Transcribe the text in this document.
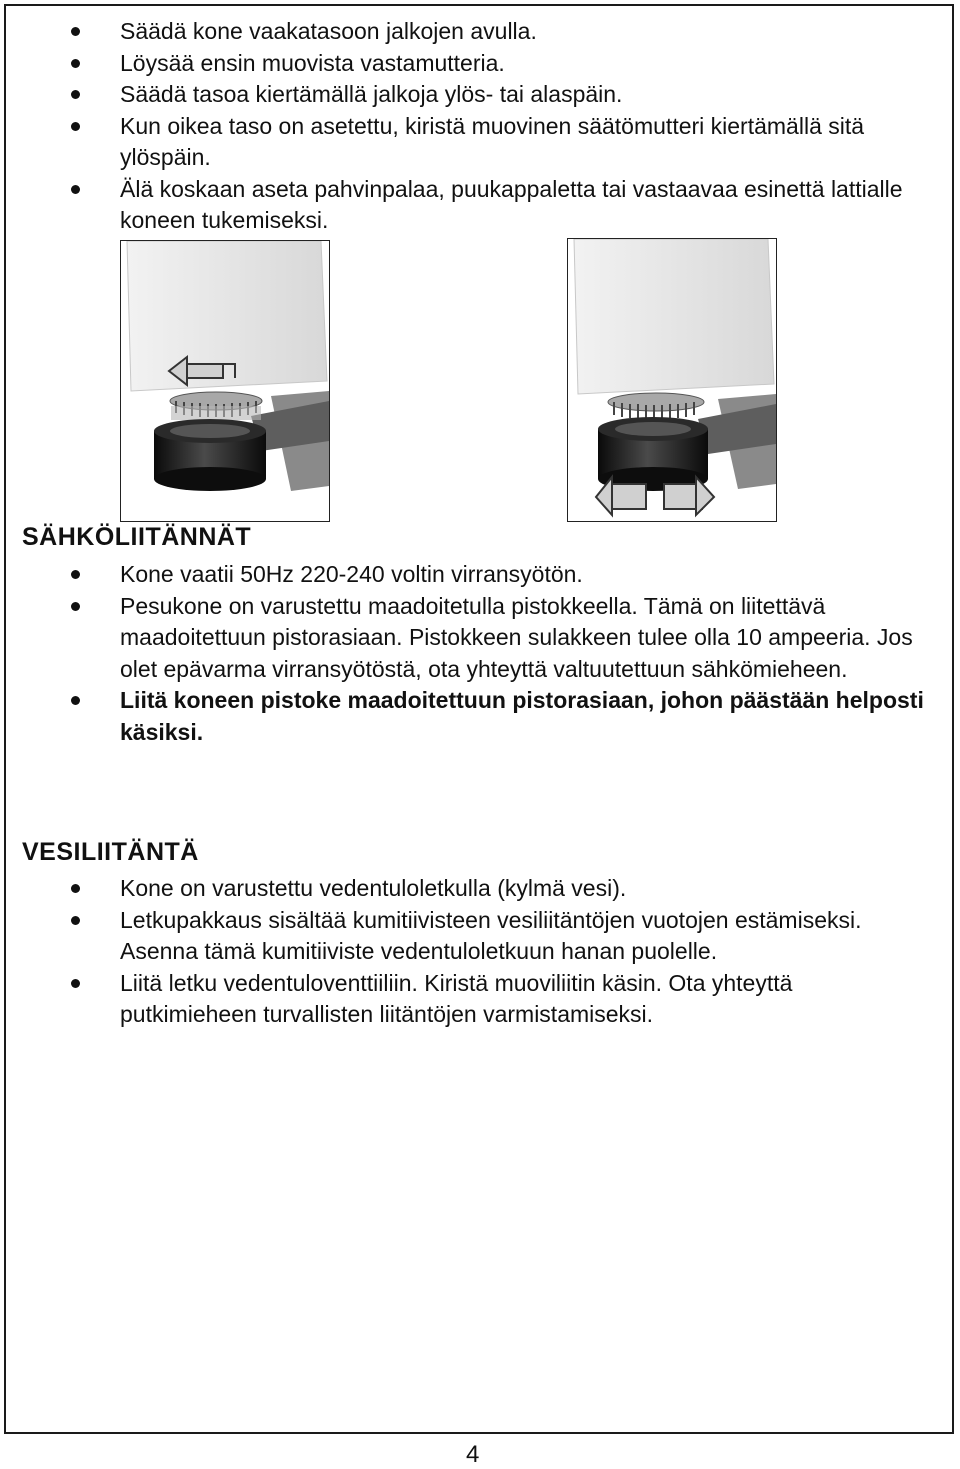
Säädä kone vaakatasoon jalkojen avulla.
Löysää ensin muovista vastamutteria.
Säädä tasoa kiertämällä jalkoja ylös- tai alaspäin.
Kun oikea taso on asetettu, kiristä muovinen säätömutteri kiertämällä sitä ylöspäin.
Älä koskaan aseta pahvinpalaa, puukappaletta tai vastaavaa esinettä lattialle koneen tukemiseksi.
SÄHKÖLIITÄNNÄT
Kone vaatii 50Hz 220-240 voltin virransyötön.
Pesukone on varustettu maadoitetulla pistokkeella. Tämä on liitettävä maadoitettuun pistorasiaan. Pistokkeen sulakkeen tulee olla 10 ampeeria. Jos olet epävarma virransyötöstä, ota yhteyttä valtuutettuun sähkömieheen.
Liitä koneen pistoke maadoitettuun pistorasiaan, johon päästään helposti käsiksi.
VESILIITÄNTÄ
Kone on varustettu vedentuloletkulla (kylmä vesi).
Letkupakkaus sisältää kumitiivisteen vesiliitäntöjen vuotojen estämiseksi. Asenna tämä kumitiiviste vedentuloletkuun hanan puolelle.
Liitä letku vedentuloventtiiliin. Kiristä muoviliitin käsin. Ota yhteyttä putkimieheen turvallisten liitäntöjen varmistamiseksi.
4
